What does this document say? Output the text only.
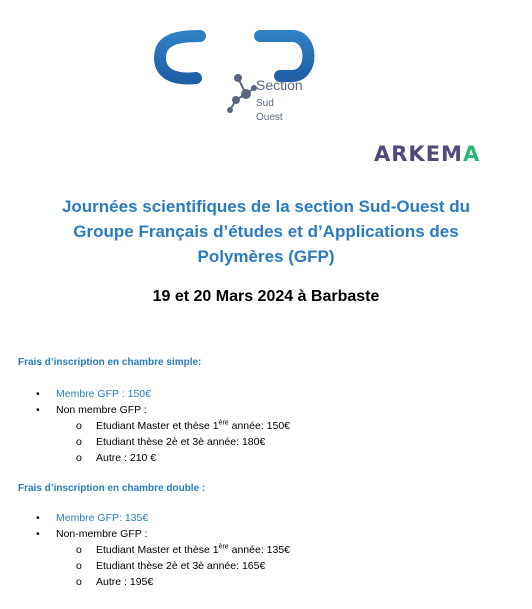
Section
Sud
Ouest
ARKEMA
Journées scientifiques de la section Sud-Ouest du
Groupe Français d’études et d’Applications des
Polymères (GFP)
19 et 20 Mars 2024 à Barbaste
Frais d’inscription en chambre simple:
• Membre GFP : 150€
• Non membre GFP :
o Etudiant Master et thèse 1ère année: 150€
o Etudiant thèse 2è et 3è année: 180€
o Autre : 210 €
Frais d’inscription en chambre double :
• Membre GFP: 135€
• Non-membre GFP :
o Etudiant Master et thèse 1ère année: 135€
o Etudiant thèse 2è et 3è année: 165€
o Autre : 195€
